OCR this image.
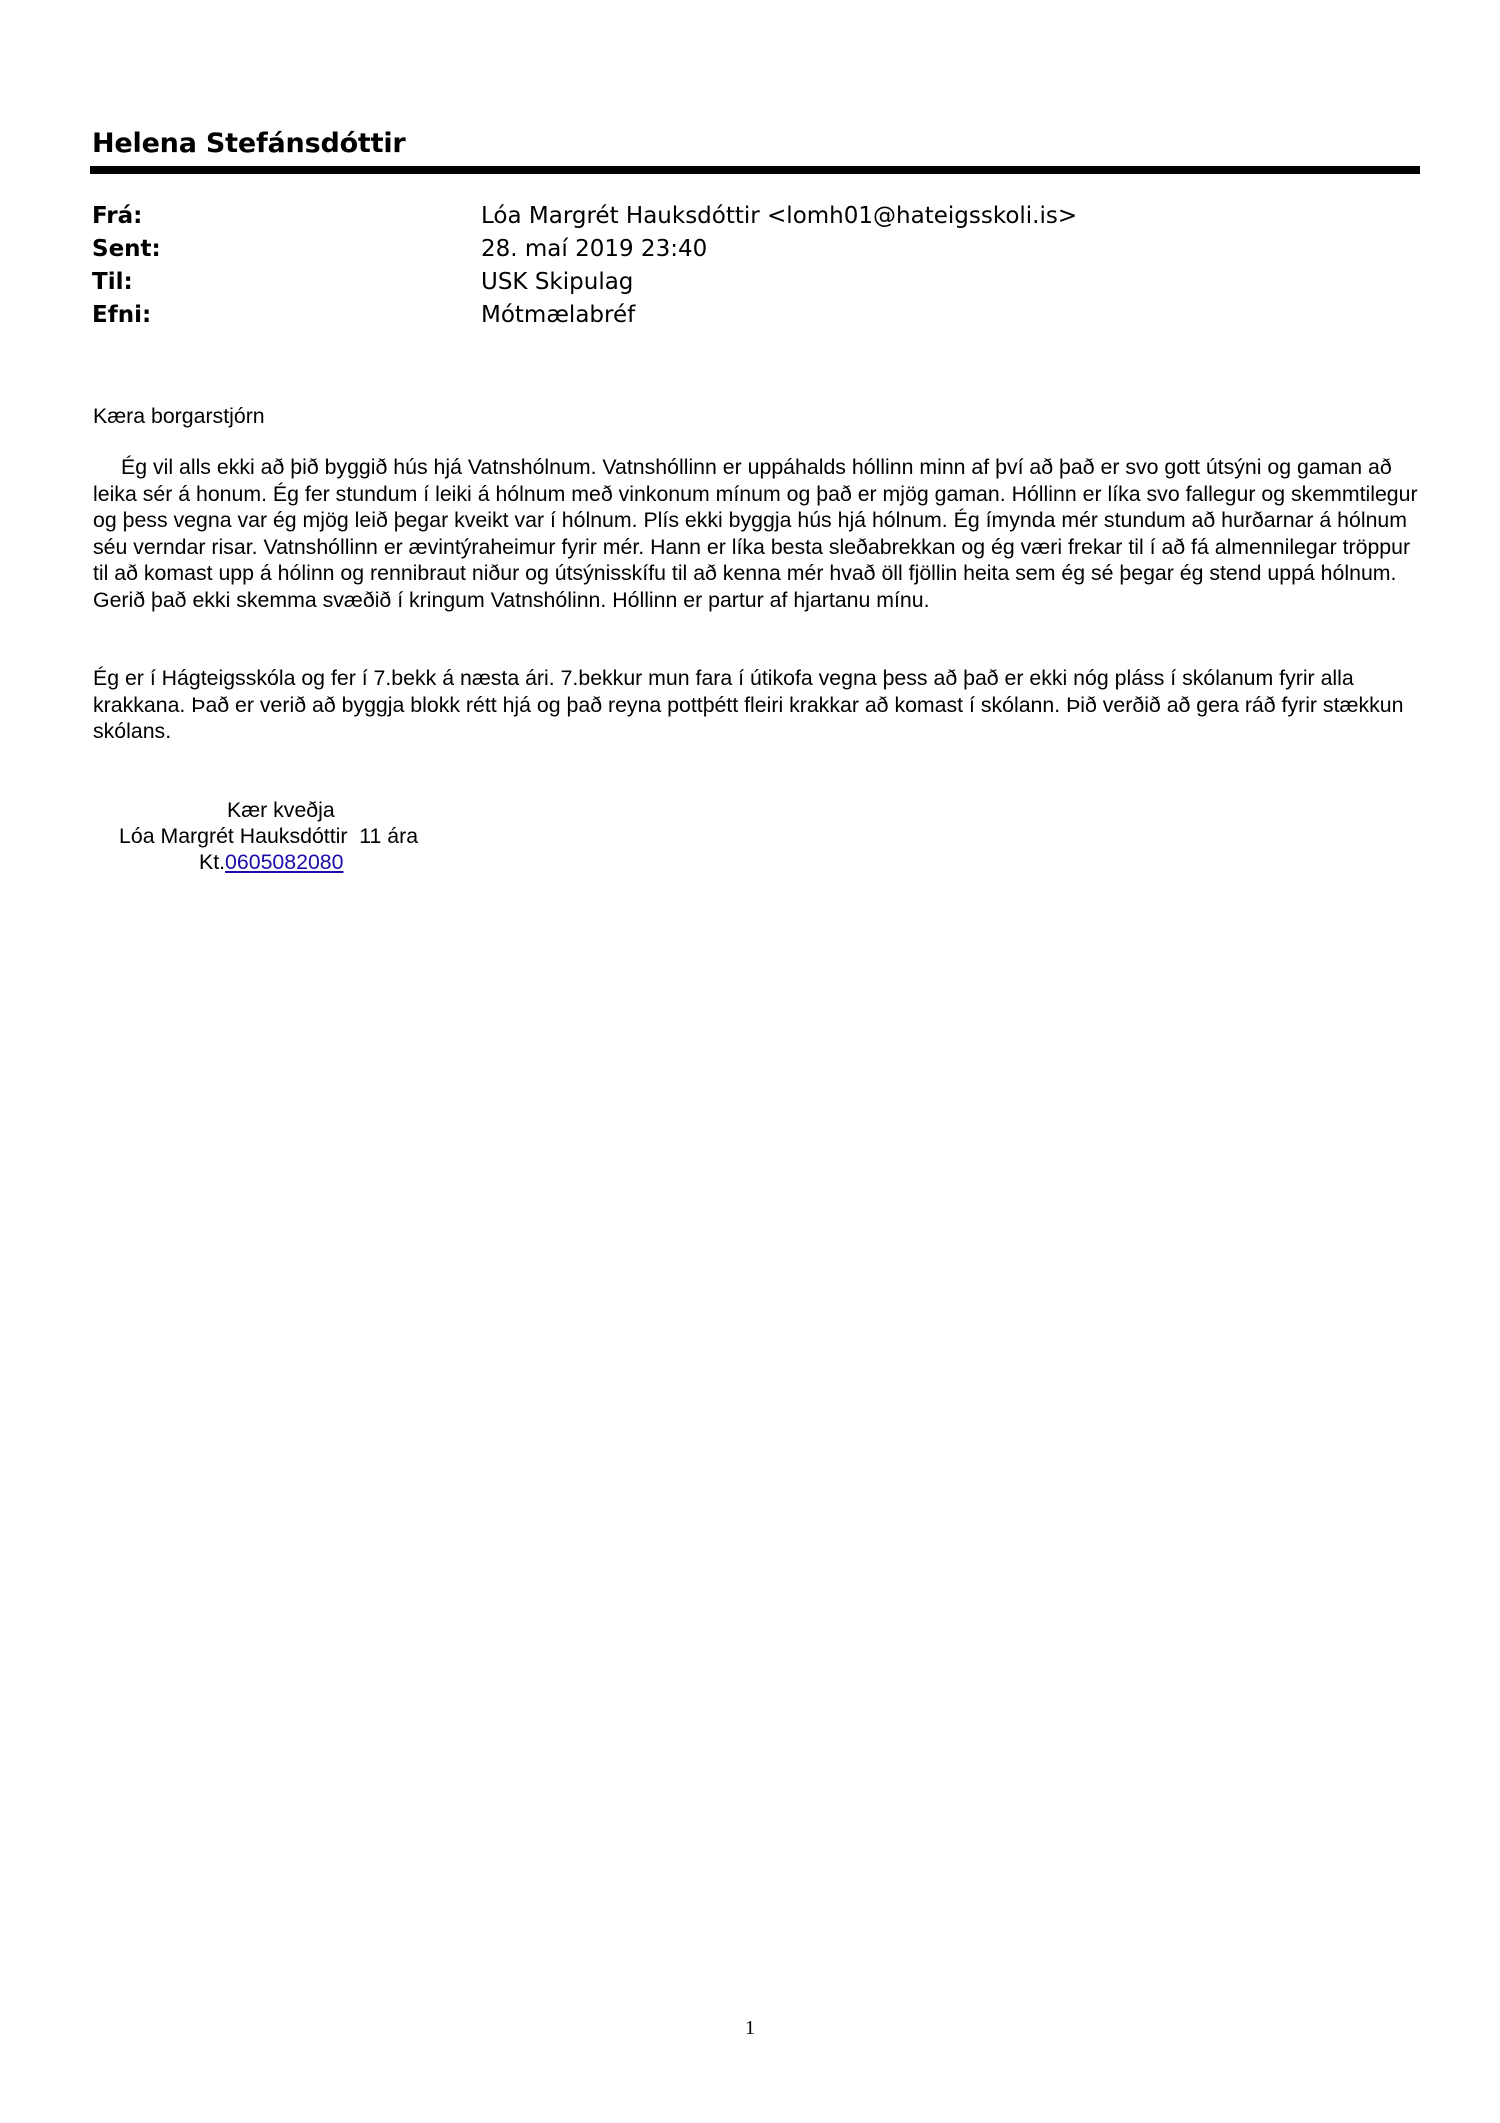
Helena Stefánsdóttir
Frá:	Lóa Margrét Hauksdóttir <lomh01@hateigsskoli.is>
Sent:	28. maí 2019 23:40
Til:	USK Skipulag
Efni:	Mótmælabréf
Kæra borgarstjórn
Ég vil alls ekki að þið byggið hús hjá Vatnshólnum. Vatnshóllinn er uppáhalds hóllinn minn af því að það er svo gott útsýni og gaman að leika sér á honum. Ég fer stundum í leiki á hólnum með vinkonum mínum og það er mjög gaman. Hóllinn er líka svo fallegur og skemmtilegur og þess vegna var ég mjög leið þegar kveikt var í hólnum. Plís ekki byggja hús hjá hólnum. Ég ímynda mér stundum að hurðarnar á hólnum séu verndar risar. Vatnshóllinn er ævintýraheimur fyrir mér. Hann er líka besta sleðabrekkan og ég væri frekar til í að fá almennilegar tröppur til að komast upp á hólinn og rennibraut niður og útsýnisskífu til að kenna mér hvað öll fjöllin heita sem ég sé þegar ég stend uppá hólnum. Gerið það ekki skemma svæðið í kringum Vatnshólinn. Hóllinn er partur af hjartanu mínu.
Ég er í Hágteigsskóla og fer í 7.bekk á næsta ári. 7.bekkur mun fara í útikofa vegna þess að það er ekki nóg pláss í skólanum fyrir alla krakkana. Það er verið að byggja blokk rétt hjá og það reyna pottþétt fleiri krakkar að komast í skólann. Þið verðið að gera ráð fyrir stækkun skólans.
Kær kveðja
Lóa Margrét Hauksdóttir  11 ára
Kt.0605082080
1
